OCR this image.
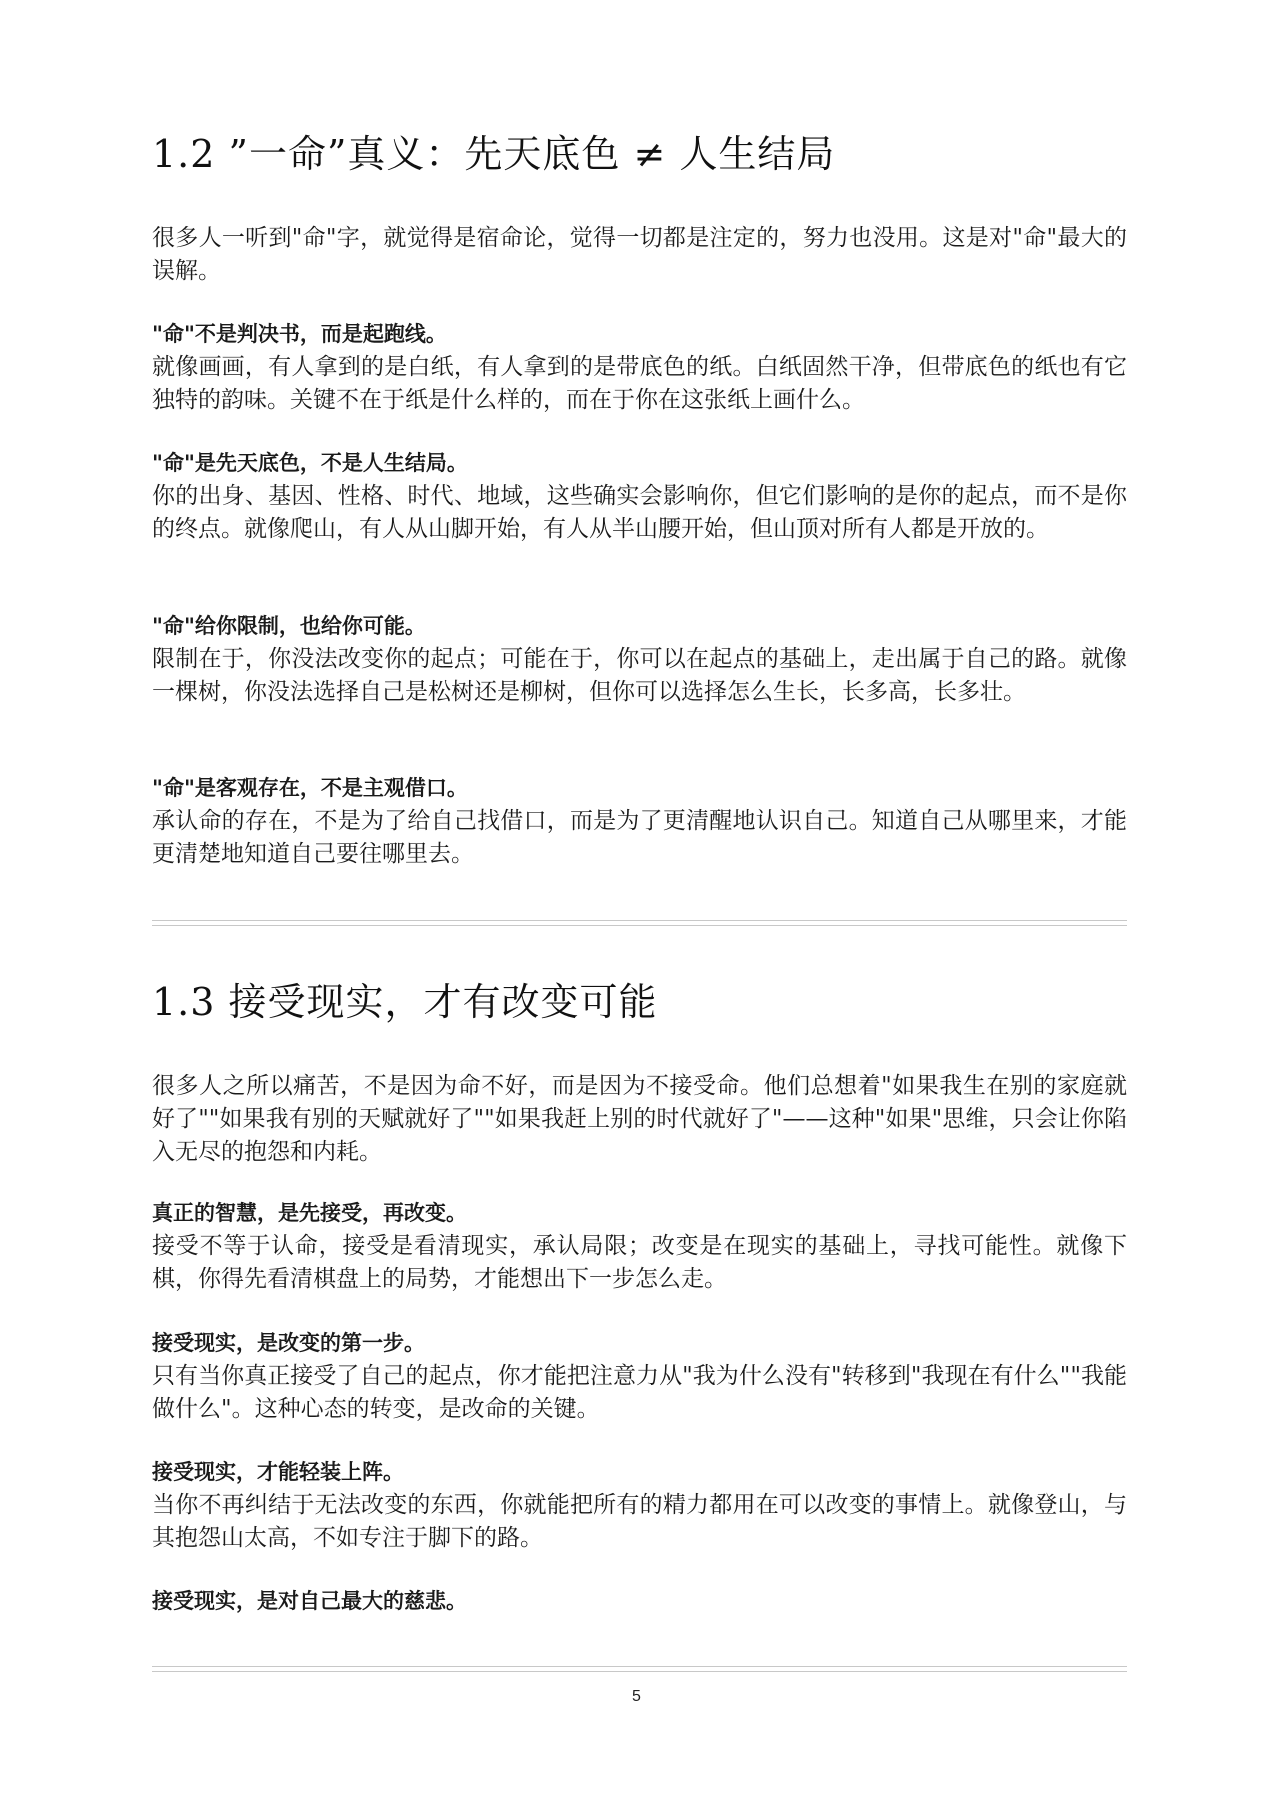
1.2 ”一命”真义：先天底色 ≠ 人生结局

很多人一听到"命"字，就觉得是宿命论，觉得一切都是注定的，努力也没用。这是对"命"最大的误解。

"命"不是判决书，而是起跑线。

就像画画，有人拿到的是白纸，有人拿到的是带底色的纸。白纸固然干净，但带底色的纸也有它独特的韵味。关键不在于纸是什么样的，而在于你在这张纸上画什么。

"命"是先天底色，不是人生结局。

你的出身、基因、性格、时代、地域，这些确实会影响你，但它们影响的是你的起点，而不是你的终点。就像爬山，有人从山脚开始，有人从半山腰开始，但山顶对所有人都是开放的。

"命"给你限制，也给你可能。

限制在于，你没法改变你的起点；可能在于，你可以在起点的基础上，走出属于自己的路。就像一棵树，你没法选择自己是松树还是柳树，但你可以选择怎么生长，长多高，长多壮。

"命"是客观存在，不是主观借口。

承认命的存在，不是为了给自己找借口，而是为了更清醒地认识自己。知道自己从哪里来，才能更清楚地知道自己要往哪里去。

1.3 接受现实，才有改变可能

很多人之所以痛苦，不是因为命不好，而是因为不接受命。他们总想着"如果我生在别的家庭就好了""如果我有别的天赋就好了""如果我赶上别的时代就好了"——这种"如果"思维，只会让你陷入无尽的抱怨和内耗。

真正的智慧，是先接受，再改变。

接受不等于认命，接受是看清现实，承认局限；改变是在现实的基础上，寻找可能性。就像下棋，你得先看清棋盘上的局势，才能想出下一步怎么走。

接受现实，是改变的第一步。

只有当你真正接受了自己的起点，你才能把注意力从"我为什么没有"转移到"我现在有什么""我能做什么"。这种心态的转变，是改命的关键。

接受现实，才能轻装上阵。

当你不再纠结于无法改变的东西，你就能把所有的精力都用在可以改变的事情上。就像登山，与其抱怨山太高，不如专注于脚下的路。

接受现实，是对自己最大的慈悲。

5
